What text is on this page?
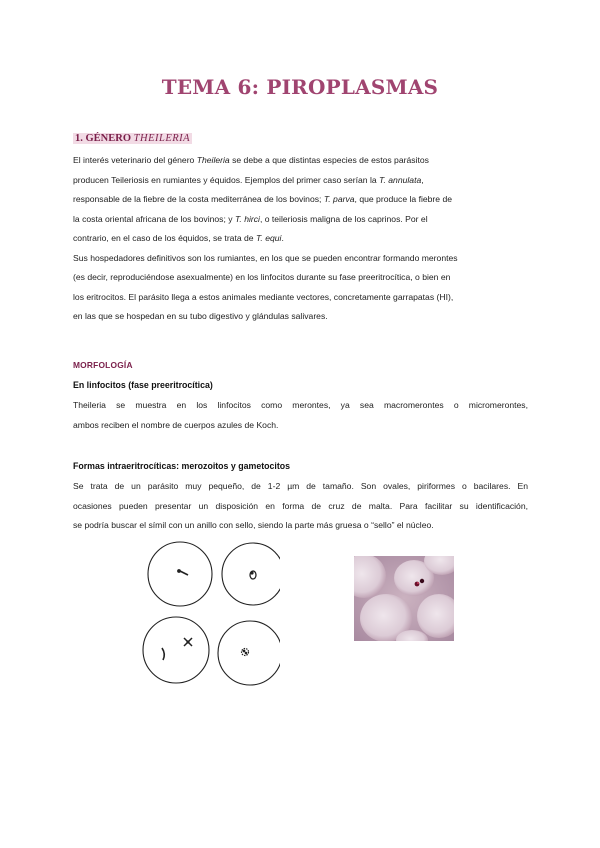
TEMA 6: PIROPLASMAS
1. GÉNERO THEILERIA

El interés veterinario del género Theileria se debe a que distintas especies de estos parásitos

producen Teileriosis en rumiantes y équidos. Ejemplos del primer caso serían la T. annulata,

responsable de la fiebre de la costa mediterránea de los bovinos; T. parva, que produce la fiebre de

la costa oriental africana de los bovinos; y T. hirci, o teileriosis maligna de los caprinos. Por el

contrario, en el caso de los équidos, se trata de T. equi.

Sus hospedadores definitivos son los rumiantes, en los que se pueden encontrar formando merontes

(es decir, reproduciéndose asexualmente) en los linfocitos durante su fase preeritrocítica, o bien en

los eritrocitos. El parásito llega a estos animales mediante vectores, concretamente garrapatas (HI),

en las que se hospedan en su tubo digestivo y glándulas salivares.

MORFOLOGÍA
En linfocitos (fase preeritrocítica)

Theileria se muestra en los linfocitos como merontes, ya sea macromerontes o micromerontes,

ambos reciben el nombre de cuerpos azules de Koch.

Formas intraeritrocíticas: merozoitos y gametocitos

Se trata de un parásito muy pequeño, de 1-2 µm de tamaño. Son ovales, piriformes o bacilares. En

ocasiones pueden presentar un disposición en forma de cruz de malta. Para facilitar su identificación,

se podría buscar el símil con un anillo con sello, siendo la parte más gruesa o “sello” el núcleo.
